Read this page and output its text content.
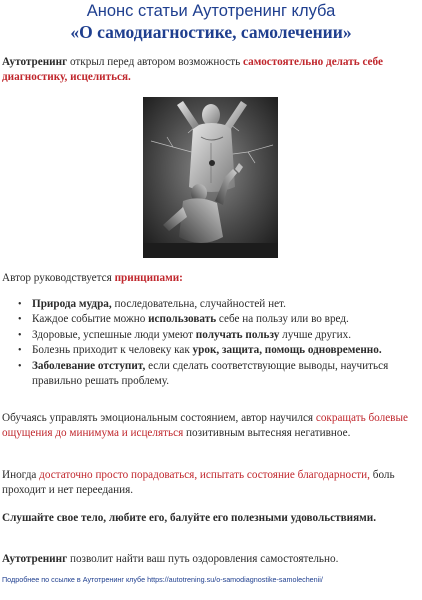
Анонс статьи Аутотренинг клуба
«О самодиагностике, самолечении»

Аутотренинг открыл перед автором возможность самостоятельно делать себе диагностику, исцелиться.

Автор руководствуется принципами:

• Природа мудра, последовательна, случайностей нет.
• Каждое событие можно использовать себе на пользу или во вред.
• Здоровые, успешные люди умеют получать пользу лучше других.
• Болезнь приходит к человеку как урок, защита, помощь одновременно.
• Заболевание отступит, если сделать соответствующие выводы, научиться правильно решать проблему.

Обучаясь управлять эмоциональным состоянием, автор научился сокращать болевые ощущения до минимума и исцеляться позитивным вытесняя негативное.

Иногда достаточно просто порадоваться, испытать состояние благодарности, боль проходит и нет переедания.

Слушайте свое тело, любите его, балуйте его полезными удовольствиями.

Аутотренинг позволит найти ваш путь оздоровления самостоятельно.

Подробнее по ссылке в Аутотренинг клубе https://autotrening.su/o-samodiagnostike-samolechenii/
